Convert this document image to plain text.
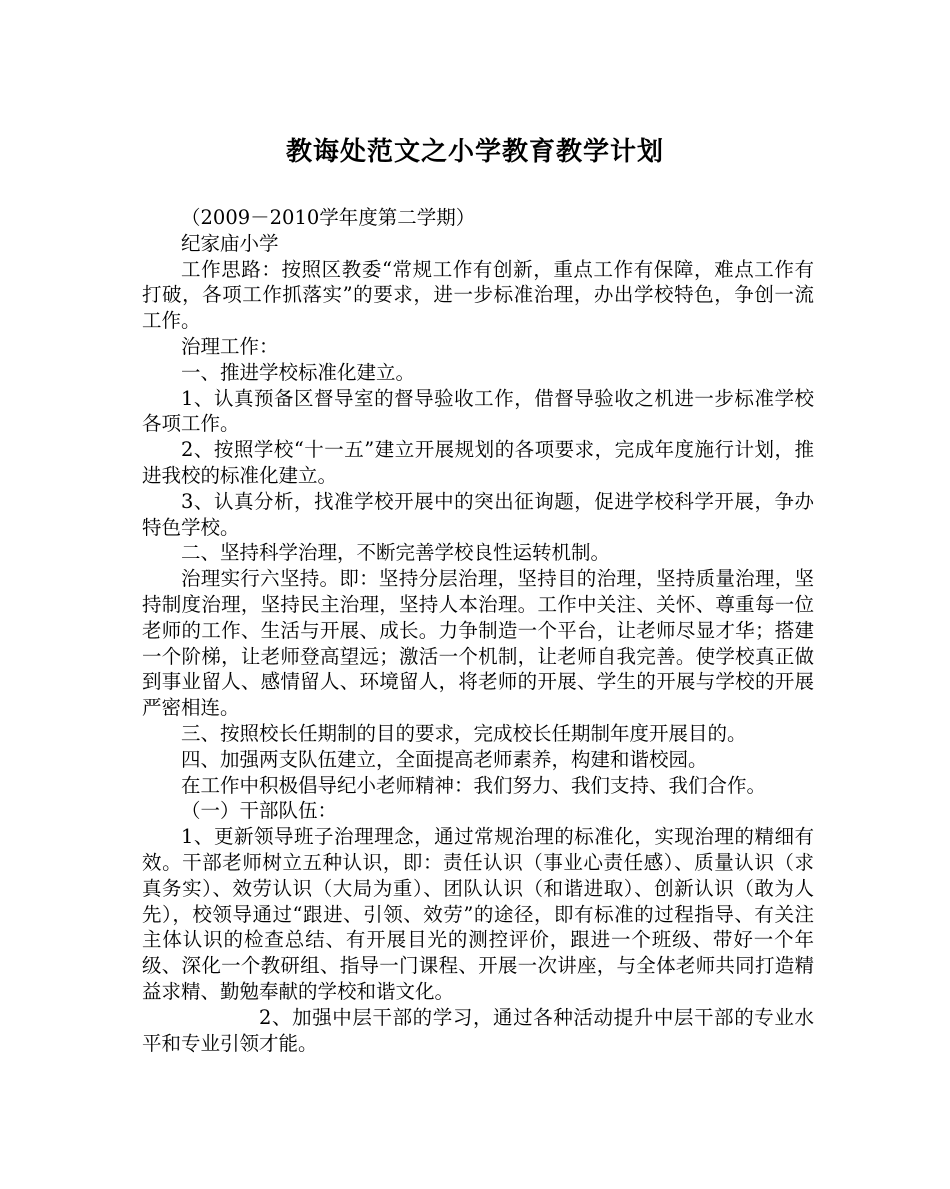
教诲处范文之小学教育教学计划

（2009－2010学年度第二学期）

纪家庙小学

工作思路：按照区教委“常规工作有创新，重点工作有保障，难点工作有打破，各项工作抓落实”的要求，进一步标准治理，办出学校特色，争创一流工作。

治理工作：

一、推进学校标准化建立。

1、认真预备区督导室的督导验收工作，借督导验收之机进一步标准学校各项工作。

2、按照学校“十一五”建立开展规划的各项要求，完成年度施行计划，推进我校的标准化建立。

3、认真分析，找准学校开展中的突出征询题，促进学校科学开展，争办特色学校。

二、坚持科学治理，不断完善学校良性运转机制。

治理实行六坚持。即：坚持分层治理，坚持目的治理，坚持质量治理，坚持制度治理，坚持民主治理，坚持人本治理。工作中关注、关怀、尊重每一位老师的工作、生活与开展、成长。力争制造一个平台，让老师尽显才华；搭建一个阶梯，让老师登高望远；激活一个机制，让老师自我完善。使学校真正做到事业留人、感情留人、环境留人，将老师的开展、学生的开展与学校的开展严密相连。

三、按照校长任期制的目的要求，完成校长任期制年度开展目的。

四、加强两支队伍建立，全面提高老师素养，构建和谐校园。

在工作中积极倡导纪小老师精神：我们努力、我们支持、我们合作。

（一）干部队伍：

1、更新领导班子治理理念，通过常规治理的标准化，实现治理的精细有效。干部老师树立五种认识，即：责任认识（事业心责任感）、质量认识（求真务实）、效劳认识（大局为重）、团队认识（和谐进取）、创新认识（敢为人先），校领导通过“跟进、引领、效劳”的途径，即有标准的过程指导、有关注主体认识的检查总结、有开展目光的测控评价，跟进一个班级、带好一个年级、深化一个教研组、指导一门课程、开展一次讲座，与全体老师共同打造精益求精、勤勉奉献的学校和谐文化。

2、加强中层干部的学习，通过各种活动提升中层干部的专业水平和专业引领才能。
